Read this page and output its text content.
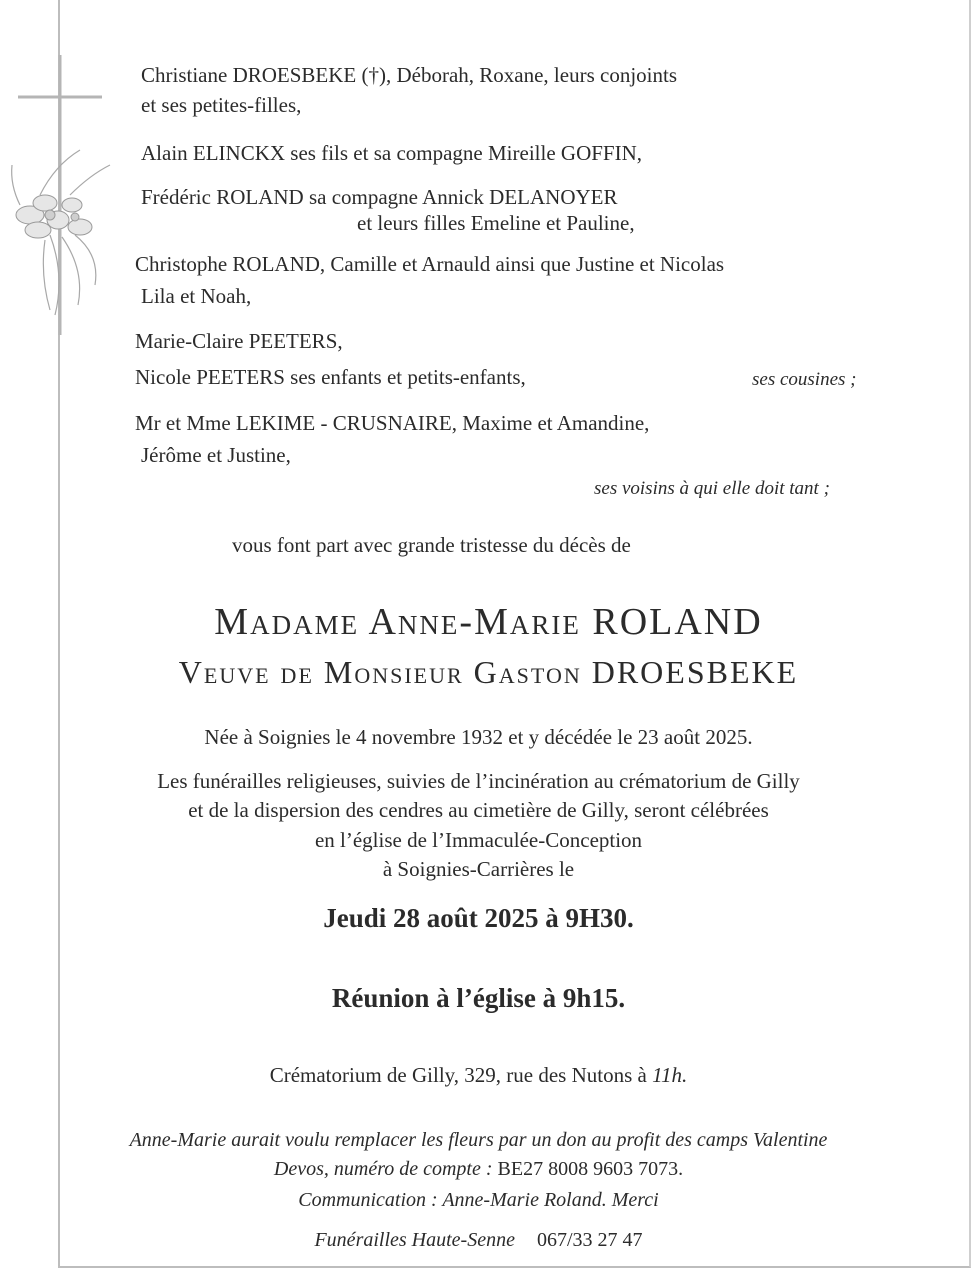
Christiane DROESBEKE (†), Déborah, Roxane, leurs conjoints
et ses petites-filles,
Alain ELINCKX ses fils et sa compagne Mireille GOFFIN,
Frédéric ROLAND sa compagne Annick DELANOYER
et leurs filles Emeline et Pauline,
Christophe ROLAND, Camille et Arnauld ainsi que Justine et Nicolas
Lila et Noah,
Marie-Claire PEETERS,
Nicole PEETERS ses enfants et petits-enfants,	ses cousines ;
Mr et Mme LEKIME - CRUSNAIRE, Maxime et Amandine,
Jérôme et Justine,
ses voisins à qui elle doit tant ;
vous font part avec grande tristesse du décès de
Madame Anne-Marie ROLAND
Veuve de Monsieur Gaston DROESBEKE
Née à Soignies le 4 novembre 1932 et y décédée le 23 août 2025.
Les funérailles religieuses, suivies de l’incinération au crématorium de Gilly
et de la dispersion des cendres au cimetière de Gilly, seront célébrées
en l’église de l’Immaculée-Conception
à Soignies-Carrières le
Jeudi 28 août 2025 à 9H30.
Réunion à l’église à 9h15.
Crématorium de Gilly, 329, rue des Nutons à 11h.
Anne-Marie aurait voulu remplacer les fleurs par un don au profit des camps Valentine
Devos, numéro de compte : BE27 8008 9603 7073.
Communication : Anne-Marie Roland. Merci
Funérailles Haute-Senne 067/33 27 47
